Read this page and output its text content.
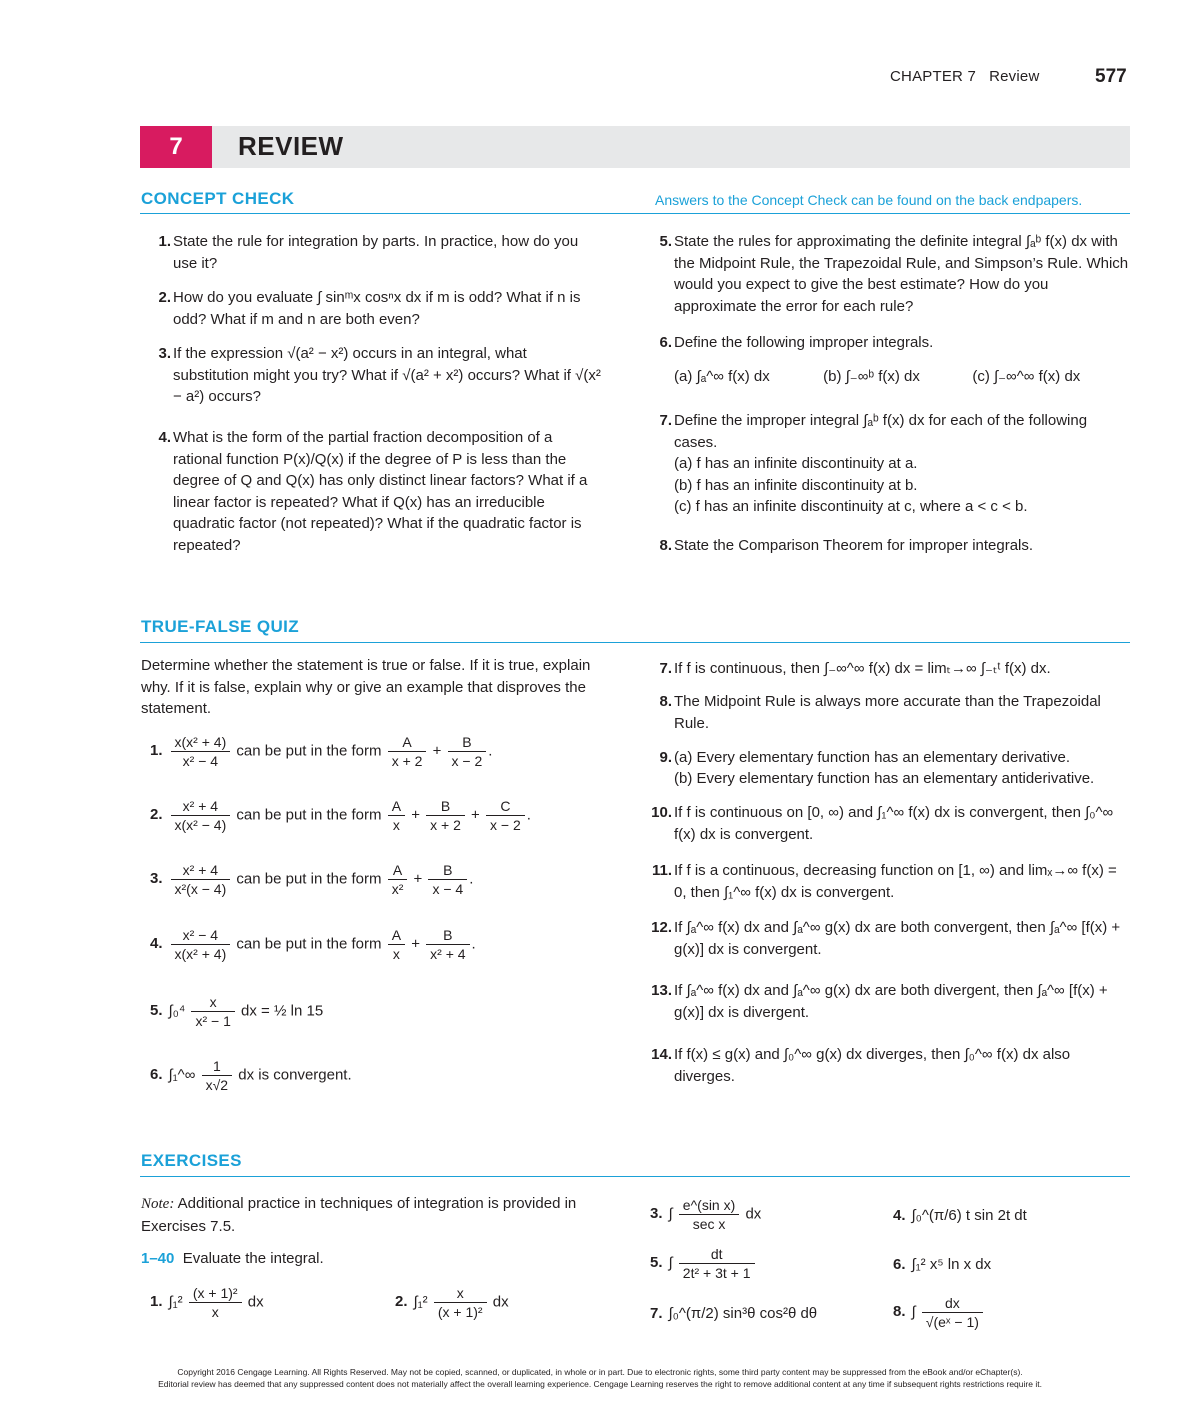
CHAPTER 7 Review	577
7	REVIEW
CONCEPT CHECK	Answers to the Concept Check can be found on the back endpapers.
1. State the rule for integration by parts. In practice, how do you use it?
2. How do you evaluate ∫ sinᵐx cosⁿx dx if m is odd? What if n is odd? What if m and n are both even?
3. If the expression √(a² − x²) occurs in an integral, what substitution might you try? What if √(a² + x²) occurs? What if √(x² − a²) occurs?
4. What is the form of the partial fraction decomposition of a rational function P(x)/Q(x) if the degree of P is less than the degree of Q and Q(x) has only distinct linear factors? What if a linear factor is repeated? What if Q(x) has an irreducible quadratic factor (not repeated)? What if the quadratic factor is repeated?
5. State the rules for approximating the definite integral ∫ₐᵇ f(x) dx with the Midpoint Rule, the Trapezoidal Rule, and Simpson’s Rule. Which would you expect to give the best estimate? How do you approximate the error for each rule?
6. Define the following improper integrals.
(a) ∫ₐ^∞ f(x) dx	(b) ∫₋∞ᵇ f(x) dx	(c) ∫₋∞^∞ f(x) dx
7. Define the improper integral ∫ₐᵇ f(x) dx for each of the following cases.
(a) f has an infinite discontinuity at a.
(b) f has an infinite discontinuity at b.
(c) f has an infinite discontinuity at c, where a < c < b.
8. State the Comparison Theorem for improper integrals.
TRUE-FALSE QUIZ
Determine whether the statement is true or false. If it is true, explain why. If it is false, explain why or give an example that disproves the statement.
1. $\frac{\text{x(x² + 4)}}{\text{x² − 4}}$ can be put in the form $\frac{A}{x + 2} + \frac{B}{x - 2}$ .
2. $\frac{\text{x² + 4}}{\text{x(x² − 4)}}$ can be put in the form $\frac{A}{x} + \frac{B}{x + 2} + \frac{C}{x - 2}$ .
3. $\frac{\text{x² + 4}}{\text{x²(x − 4)}}$ can be put in the form $\frac{A}{\text{x²}} + \frac{B}{x - 4}$ .
4. $\frac{\text{x² − 4}}{\text{x(x² + 4)}}$ can be put in the form $\frac{A}{x} + \frac{B}{\text{x² + 4}}$ .
5. $\int_0^4 \frac{x}{\text{x² − 1}}$ dx = ½ ln 15
6. ∫₁^∞ $\frac{1}{x√2}$ dx is convergent.
7. If f is continuous, then ∫₋∞^∞ f(x) dx = limₜ→∞ ∫₋ₜᵗ f(x) dx.
8. The Midpoint Rule is always more accurate than the Trapezoidal Rule.
9. (a) Every elementary function has an elementary derivative.
(b) Every elementary function has an elementary antiderivative.
10. If f is continuous on [0, ∞) and ∫₁^∞ f(x) dx is convergent, then ∫₀^∞ f(x) dx is convergent.
11. If f is a continuous, decreasing function on [1, ∞) and limₓ→∞ f(x) = 0, then ∫₁^∞ f(x) dx is convergent.
12. If ∫ₐ^∞ f(x) dx and ∫ₐ^∞ g(x) dx are both convergent, then ∫ₐ^∞ [f(x) + g(x)] dx is convergent.
13. If ∫ₐ^∞ f(x) dx and ∫ₐ^∞ g(x) dx are both divergent, then ∫ₐ^∞ [f(x) + g(x)] dx is divergent.
14. If f(x) ≤ g(x) and ∫₀^∞ g(x) dx diverges, then ∫₀^∞ f(x) dx also diverges.
EXERCISES
Note: Additional practice in techniques of integration is provided in Exercises 7.5.
1–40 Evaluate the integral.
1. $\int_1^2 \frac{\text{(x + 1)²}}{x}$ dx	2. $\int_1^2 \frac{x}{\text{(x + 1)²}}$ dx
3. ∫ $\frac{\text{e\textasciicircum{}(sin x)}}{\text{sec x}}$ dx	4. ∫₀^(π/6) t sin 2t dt
5. ∫ $\frac{dt}{\text{2t² + 3t + 1}}$	6. ∫₁² x⁵ ln x dx
7. ∫₀^(π/2) sin³θ cos²θ dθ	8. ∫ $\frac{dx}{\text{√(eˣ − 1)}}$
Copyright 2016 Cengage Learning. All Rights Reserved. May not be copied, scanned, or duplicated, in whole or in part. Due to electronic rights, some third party content may be suppressed from the eBook and/or eChapter(s).
Editorial review has deemed that any suppressed content does not materially affect the overall learning experience. Cengage Learning reserves the right to remove additional content at any time if subsequent rights restrictions require it.
